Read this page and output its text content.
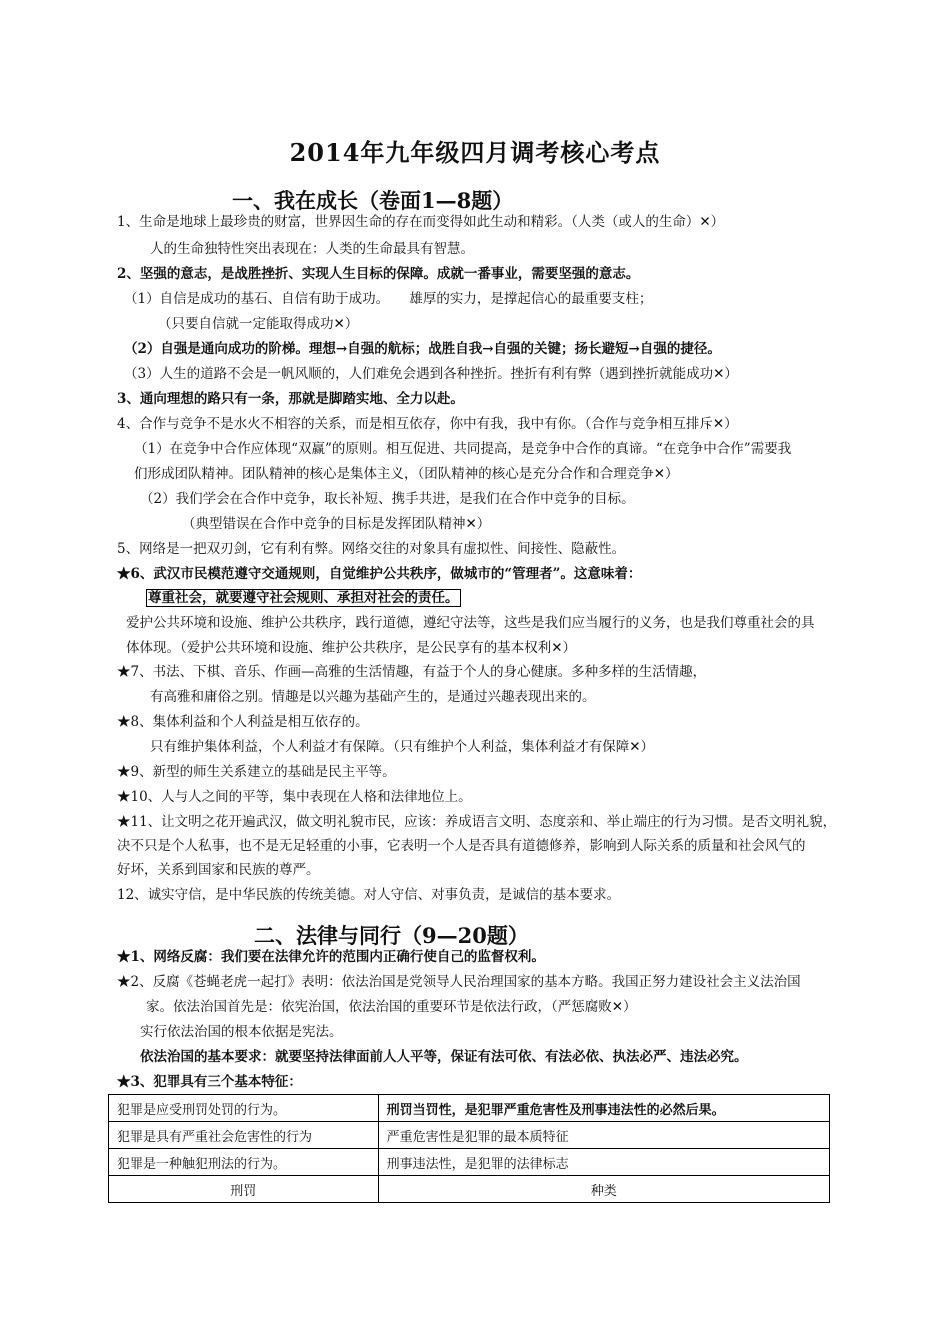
2014年九年级四月调考核心考点
一、我在成长（卷面1—8题）
1、生命是地球上最珍贵的财富，世界因生命的存在而变得如此生动和精彩。（人类（或人的生命）✕）
人的生命独特性突出表现在：人类的生命最具有智慧。
2、坚强的意志，是战胜挫折、实现人生目标的保障。成就一番事业，需要坚强的意志。
（1）自信是成功的基石、自信有助于成功。　　雄厚的实力，是撑起信心的最重要支柱；
（只要自信就一定能取得成功✕）
（2）自强是通向成功的阶梯。理想→自强的航标；战胜自我→自强的关键；扬长避短→自强的捷径。
（3）人生的道路不会是一帆风顺的，人们难免会遇到各种挫折。挫折有利有弊（遇到挫折就能成功✕）
3、通向理想的路只有一条，那就是脚踏实地、全力以赴。
4、合作与竞争不是水火不相容的关系，而是相互依存，你中有我，我中有你。（合作与竞争相互排斥✕）
（1）在竞争中合作应体现“双赢”的原则。相互促进、共同提高，是竞争中合作的真谛。“在竞争中合作”需要我
们形成团队精神。团队精神的核心是集体主义，（团队精神的核心是充分合作和合理竞争✕）
（2）我们学会在合作中竞争，取长补短、携手共进，是我们在合作中竞争的目标。
（典型错误在合作中竞争的目标是发挥团队精神✕）
5、网络是一把双刃剑，它有利有弊。网络交往的对象具有虚拟性、间接性、隐蔽性。
★6、武汉市民模范遵守交通规则，自觉维护公共秩序，做城市的“管理者”。这意味着：
尊重社会，就要遵守社会规则、承担对社会的责任。
爱护公共环境和设施、维护公共秩序，践行道德，遵纪守法等，这些是我们应当履行的义务，也是我们尊重社会的具
体体现。（爱护公共环境和设施、维护公共秩序，是公民享有的基本权利✕）
★7、书法、下棋、音乐、作画—高雅的生活情趣，有益于个人的身心健康。多种多样的生活情趣，
有高雅和庸俗之别。情趣是以兴趣为基础产生的，是通过兴趣表现出来的。
★8、集体利益和个人利益是相互依存的。
只有维护集体利益，个人利益才有保障。（只有维护个人利益，集体利益才有保障✕）
★9、新型的师生关系建立的基础是民主平等。
★10、人与人之间的平等，集中表现在人格和法律地位上。
★11、让文明之花开遍武汉，做文明礼貌市民，应该：养成语言文明、态度亲和、举止端庄的行为习惯。是否文明礼貌，
决不只是个人私事，也不是无足轻重的小事，它表明一个人是否具有道德修养，影响到人际关系的质量和社会风气的
好坏，关系到国家和民族的尊严。
12、诚实守信，是中华民族的传统美德。对人守信、对事负责，是诚信的基本要求。
二、法律与同行（9—20题）
★1、网络反腐：我们要在法律允许的范围内正确行使自己的监督权利。
★2、反腐《苍蝇老虎一起打》表明：依法治国是党领导人民治理国家的基本方略。我国正努力建设社会主义法治国
家。依法治国首先是：依宪治国，依法治国的重要环节是依法行政，（严惩腐败✕）
实行依法治国的根本依据是宪法。
依法治国的基本要求：就要坚持法律面前人人平等，保证有法可依、有法必依、执法必严、违法必究。
★3、犯罪具有三个基本特征：
犯罪是应受刑罚处罚的行为。	刑罚当罚性，是犯罪严重危害性及刑事违法性的必然后果。
犯罪是具有严重社会危害性的行为	严重危害性是犯罪的最本质特征
犯罪是一种触犯刑法的行为。	刑事违法性，是犯罪的法律标志
刑罚	种类
